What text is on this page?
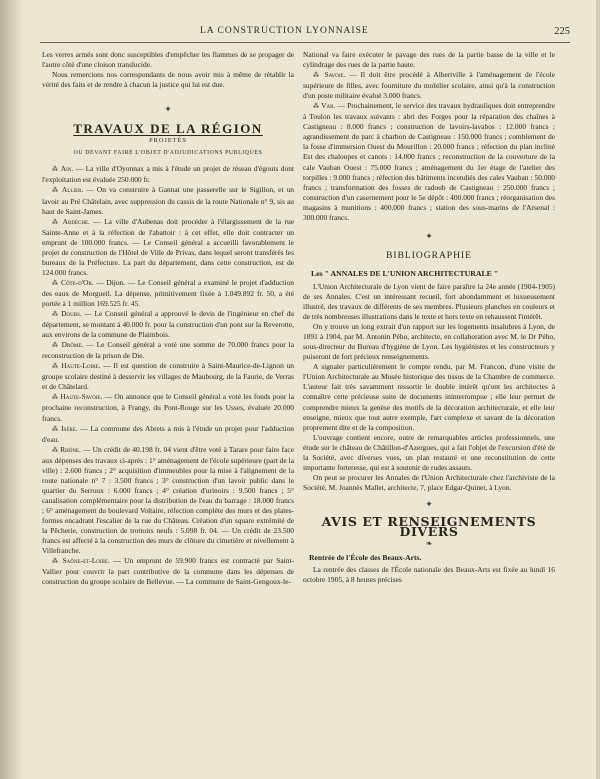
LA CONSTRUCTION LYONNAISE	225

Les verres armés sont donc susceptibles d'empêcher les flammes de se propager de l'autre côté d'une cloison translucide.

Nous remercions nos correspondants de nous avoir mis à même de rétablir la vérité des faits et de rendre à chacun la justice qui lui est due.

✦
TRAVAUX DE LA RÉGION
PROJETÉS
OU DEVANT FAIRE L'OBJET D'ADJUDICATIONS PUBLIQUES

⁂ Ain. — La ville d'Oyonnax a mis à l'étude un projet de réseau d'égouts dont l'exploitation est évaluée 250.000 fr.

⁂ Allier. — On va construire à Gannat une passerelle sur le Sigillon, et un lavoir au Pré Châtelain, avec suppression du cassis de la route Nationale n° 9, sis au haut de Saint-James.

⁂ Ardèche. — La ville d'Aubenas doit procéder à l'élargissement de la rue Sainte-Anne et à la réfection de l'abattoir : à cet effet, elle doit contracter un emprunt de 100.000 francs. — Le Conseil général a accueilli favorablement le projet de construction de l'Hôtel de Ville de Privas, dans lequel seront transférés les bureaux de la Préfecture. La part du département, dans cette construction, est de 124.000 francs.

⁂ Côte-d'Or. — Dijon. — Le Conseil général a examiné le projet d'adduction des eaux de Morgueil. La dépense, primitivement fixée à 1.049.892 fr. 50, a été portée à 1 million 169.525 fr. 45.

⁂ Doubs. — Le Conseil général a approuvé le devis de l'ingénieur en chef du département, se montant à 40.000 fr. pour la construction d'un pont sur la Reverotte, aux environs de la commune de Plaimbois.

⁂ Drôme. — Le Conseil général a voté une somme de 70.000 francs pour la reconstruction de la prison de Die.

⁂ Haute-Loire. — Il est question de construire à Saint-Maurice-de-Lignon un groupe scolaire destiné à desservir les villages de Maubourg, de la Faurie, de Verras et de Châtelard.

⁂ Haute-Savoie. — On annonce que le Conseil général a voté les fonds pour la prochaine reconstruction, à Frangy, du Pont-Rouge sur les Usses, évaluée 20.000 francs.

⁂ Isère. — La commune des Abrets a mis à l'étude un projet pour l'adduction d'eau.

⁂ Rhône. — Un crédit de 40.198 fr. 04 vient d'être voté à Tarare pour faire face aux dépenses des travaux ci-après : 1° aménagement de l'école supérieure (part de la ville) : 2.600 francs ; 2° acquisition d'immeubles pour la mise à l'alignement de la route nationale n° 7 : 3.500 francs ; 3° construction d'un lavoir public dans le quartier du Serroux : 6.000 francs ; 4° création d'urinoirs : 9.500 francs ; 5° canalisation complémentaire pour la distribution de l'eau du barrage : 18.000 francs ; 6° aménagement du boulevard Voltaire, réfection complète des murs et des plates-formes encadrant l'escalier de la rue du Château. Création d'un square extrémité de la Pêcherie, construction de trottoirs neufs : 5.098 fr. 04. — Un crédit de 23.500 francs est affecté à la construction des murs de clôture du cimetière et nivellement à Villefranche.

⁂ Saône-et-Loire. — Un emprunt de 59.900 francs est contracté par Saint-Vallier pour couvrir la part contributive de la commune dans les dépenses de construction du groupe scolaire de Bellevue. — La commune de Saint-Gengoux-le-

National va faire exécuter le pavage des rues de la partie basse de la ville et le cylindrage des rues de la partie haute.

⁂ Savoie. — Il doit être procédé à Albertville à l'aménagement de l'école supérieure de filles, avec fourniture du mobilier scolaire, ainsi qu'à la construction d'un poste militaire évalué 3.000 francs.

⁂ Var. — Prochainement, le service des travaux hydrauliques doit entreprendre à Toulon les travaux suivants : abri des Forges pour la réparation des chaînes à Castigneau : 8.000 francs ; construction de lavoirs-lavabos : 12.000 francs ; agrandissement du parc à charbon de Castigneau : 150.000 francs ; comblement de la fosse d'immersion Ouest du Mourillon : 20.000 francs ; réfection du plan incliné Est des chaloupes et canots : 14.000 francs ; reconstruction de la couverture de la cale Vauban Ouest : 75.000 francs ; aménagement du 1er étage de l'atelier des torpilles : 9.000 francs ; réfection des bâtiments incendiés des cales Vauban : 50.000 francs ; transformation des fosses de radoub de Castigneau : 250.000 francs ; construction d'un casernement pour le 5e dépôt : 400.000 francs ; réorganisation des magasins à munitions : 400.000 francs ; station des sous-marins de l'Arsenal : 300.000 francs.

✦
BIBLIOGRAPHIE
Les " ANNALES DE L'UNION ARCHITECTURALE "

L'Union Architecturale de Lyon vient de faire paraître la 24e année (1904-1905) de ses Annales. C'est un intéressant recueil, fort abondamment et luxueusement illustré, des travaux de différents de ses membres. Plusieurs planches en couleurs et de très nombreuses illustrations dans le texte et hors texte en rehaussent l'intérêt.

On y trouve un long extrait d'un rapport sur les logements insalubres à Lyon, de 1891 à 1904, par M. Antonin Pého, architecte, en collaboration avec M. le Dr Pého, sous-directeur du Bureau d'hygiène de Lyon. Les hygiénistes et les constructeurs y puiseront de fort précieux renseignements.

A signaler particulièrement le compte rendu, par M. Francon, d'une visite de l'Union Architecturale au Musée historique des tissus de la Chambre de commerce. L'auteur fait très savamment ressortir le double intérêt qu'ont les architectes à connaître cette précieuse suite de documents ininterrompue ; elle leur permet de comprendre mieux la genèse des motifs de la décoration architecturale, et elle leur enseigne, mieux que tout autre exemple, l'art complexe et savant de la décoration proprement dite et de la composition.

L'ouvrage contient encore, outre de remarquables articles professionnels, une étude sur le château de Châtillon-d'Azergues, qui a fait l'objet de l'excursion d'été de la Société, avec diverses vues, un plan restauré et une reconstitution de cette importante forteresse, qui est à soutenir de rudes assauts.

On peut se procurer les Annales de l'Union Architecturale chez l'archiviste de la Société, M. Joannès Mallet, architecte, 7, place Edgar-Quinet, à Lyon.

✦
AVIS ET RENSEIGNEMENTS DIVERS
❧
Rentrée de l'École des Beaux-Arts.

La rentrée des classes de l'École nationale des Beaux-Arts est fixée au lundi 16 octobre 1905, à 8 heures précises
